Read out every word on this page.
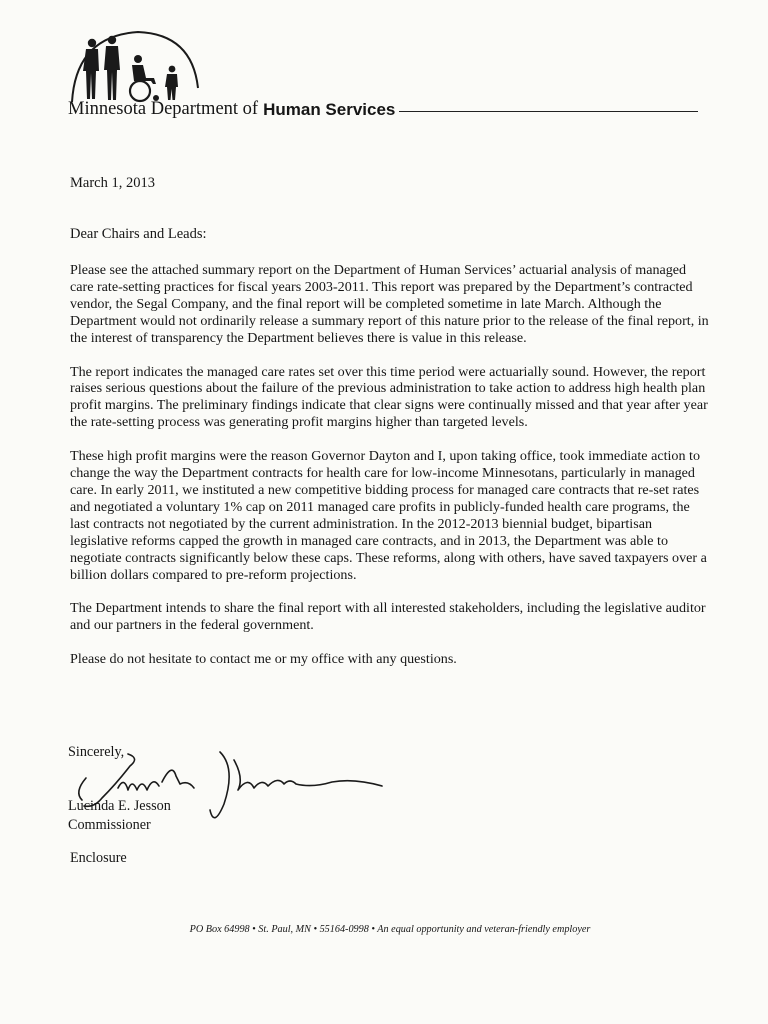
Minnesota Department of Human Services
March 1, 2013
Dear Chairs and Leads:

Please see the attached summary report on the Department of Human Services’ actuarial analysis of managed care rate-setting practices for fiscal years 2003-2011. This report was prepared by the Department’s contracted vendor, the Segal Company, and the final report will be completed sometime in late March. Although the Department would not ordinarily release a summary report of this nature prior to the release of the final report, in the interest of transparency the Department believes there is value in this release.

The report indicates the managed care rates set over this time period were actuarially sound. However, the report raises serious questions about the failure of the previous administration to take action to address high health plan profit margins. The preliminary findings indicate that clear signs were continually missed and that year after year the rate-setting process was generating profit margins higher than targeted levels.

These high profit margins were the reason Governor Dayton and I, upon taking office, took immediate action to change the way the Department contracts for health care for low-income Minnesotans, particularly in managed care. In early 2011, we instituted a new competitive bidding process for managed care contracts that re-set rates and negotiated a voluntary 1% cap on 2011 managed care profits in publicly-funded health care programs, the last contracts not negotiated by the current administration. In the 2012-2013 biennial budget, bipartisan legislative reforms capped the growth in managed care contracts, and in 2013, the Department was able to negotiate contracts significantly below these caps. These reforms, along with others, have saved taxpayers over a billion dollars compared to pre-reform projections.

The Department intends to share the final report with all interested stakeholders, including the legislative auditor and our partners in the federal government.

Please do not hesitate to contact me or my office with any questions.

Sincerely,
Lucinda E. Jesson
Commissioner
Enclosure
PO Box 64998 • St. Paul, MN • 55164-0998 • An equal opportunity and veteran-friendly employer
